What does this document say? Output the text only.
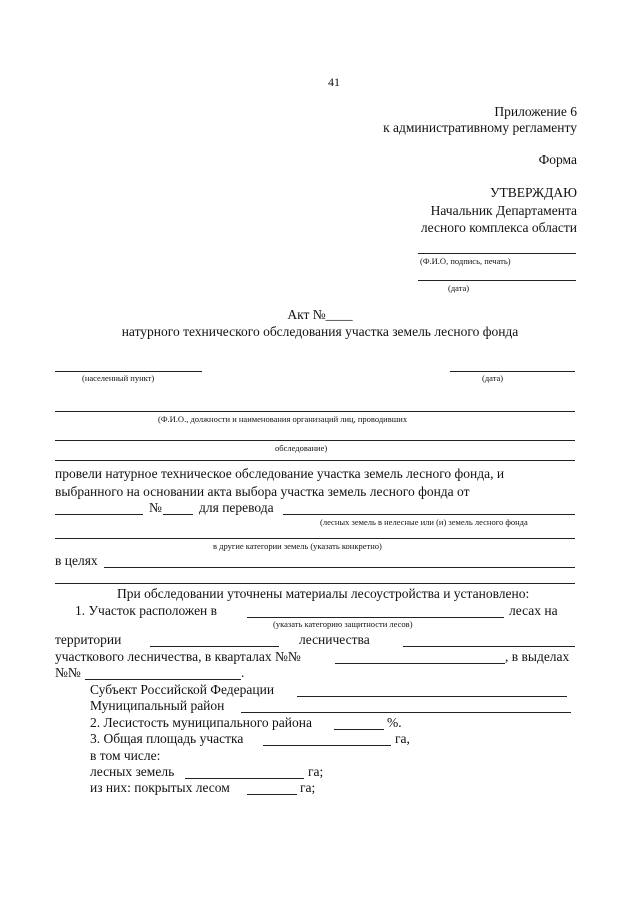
41
Приложение 6
к административному регламенту
Форма
УТВЕРЖДАЮ
Начальник Департамента
лесного комплекса области
(Ф.И.О, подпись, печать)
(дата)
Акт №____
натурного технического обследования участка земель лесного фонда
(населенный пункт)	(дата)
(Ф.И.О., должности и наименования организаций лиц, проводивших
обследование)
провели натурное техническое обследование участка земель лесного фонда, и
выбранного на основании акта выбора участка земель лесного фонда от
№	для перевода
(лесных земель в нелесные или (и) земель лесного фонда
в другие категории земель (указать конкретно)
в целях
При обследовании уточнены материалы лесоустройства и установлено:
1. Участок расположен в	лесах на
(указать категорию защитности лесов)
территории	лесничества
участкового лесничества, в кварталах №№	, в выделах
№№	.
Субъект Российской Федерации
Муниципальный район
2. Лесистость муниципального района	%.
3. Общая площадь участка	га,
в том числе:
лесных земель	га;
из них: покрытых лесом	га;
